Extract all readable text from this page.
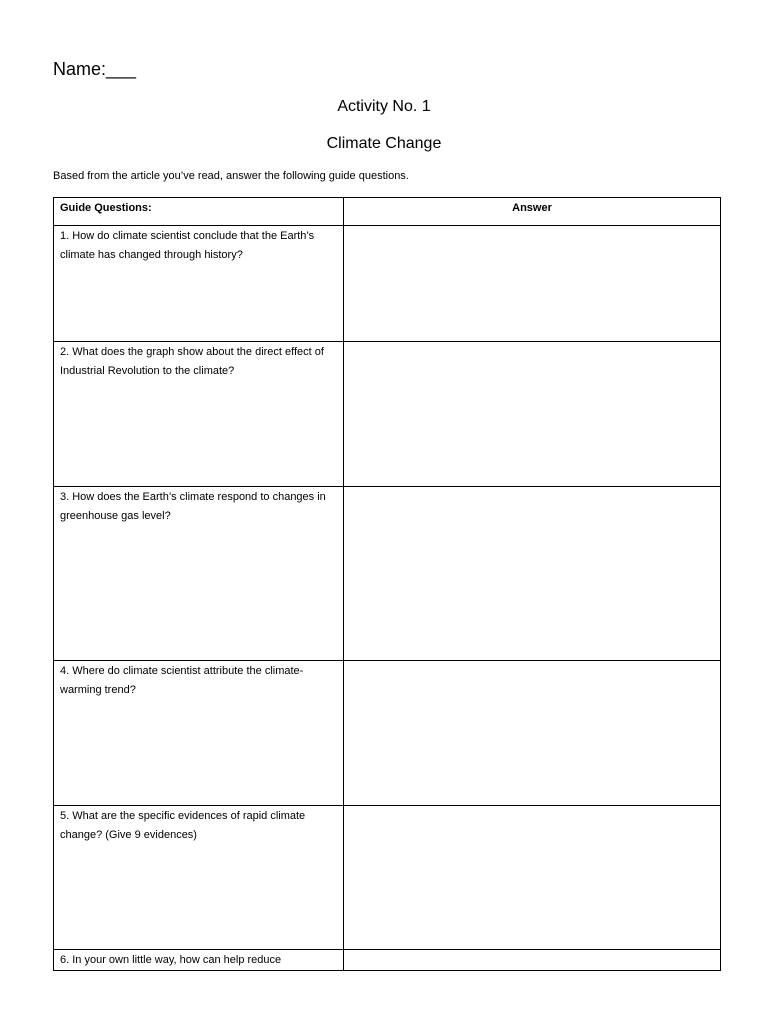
Name:___
Activity No. 1
Climate Change
Based from the article you’ve read, answer the following guide questions.
Guide Questions:	Answer

1. How do climate scientist conclude that the Earth’s climate has changed through history?	

2. What does the graph show about the direct effect of Industrial Revolution to the climate?	

3. How does the Earth’s climate respond to changes in greenhouse gas level?	

4. Where do climate scientist attribute the climate-warming trend?	

5. What are the specific evidences of rapid climate change? (Give 9 evidences)	

6. In your own little way, how can help reduce	
